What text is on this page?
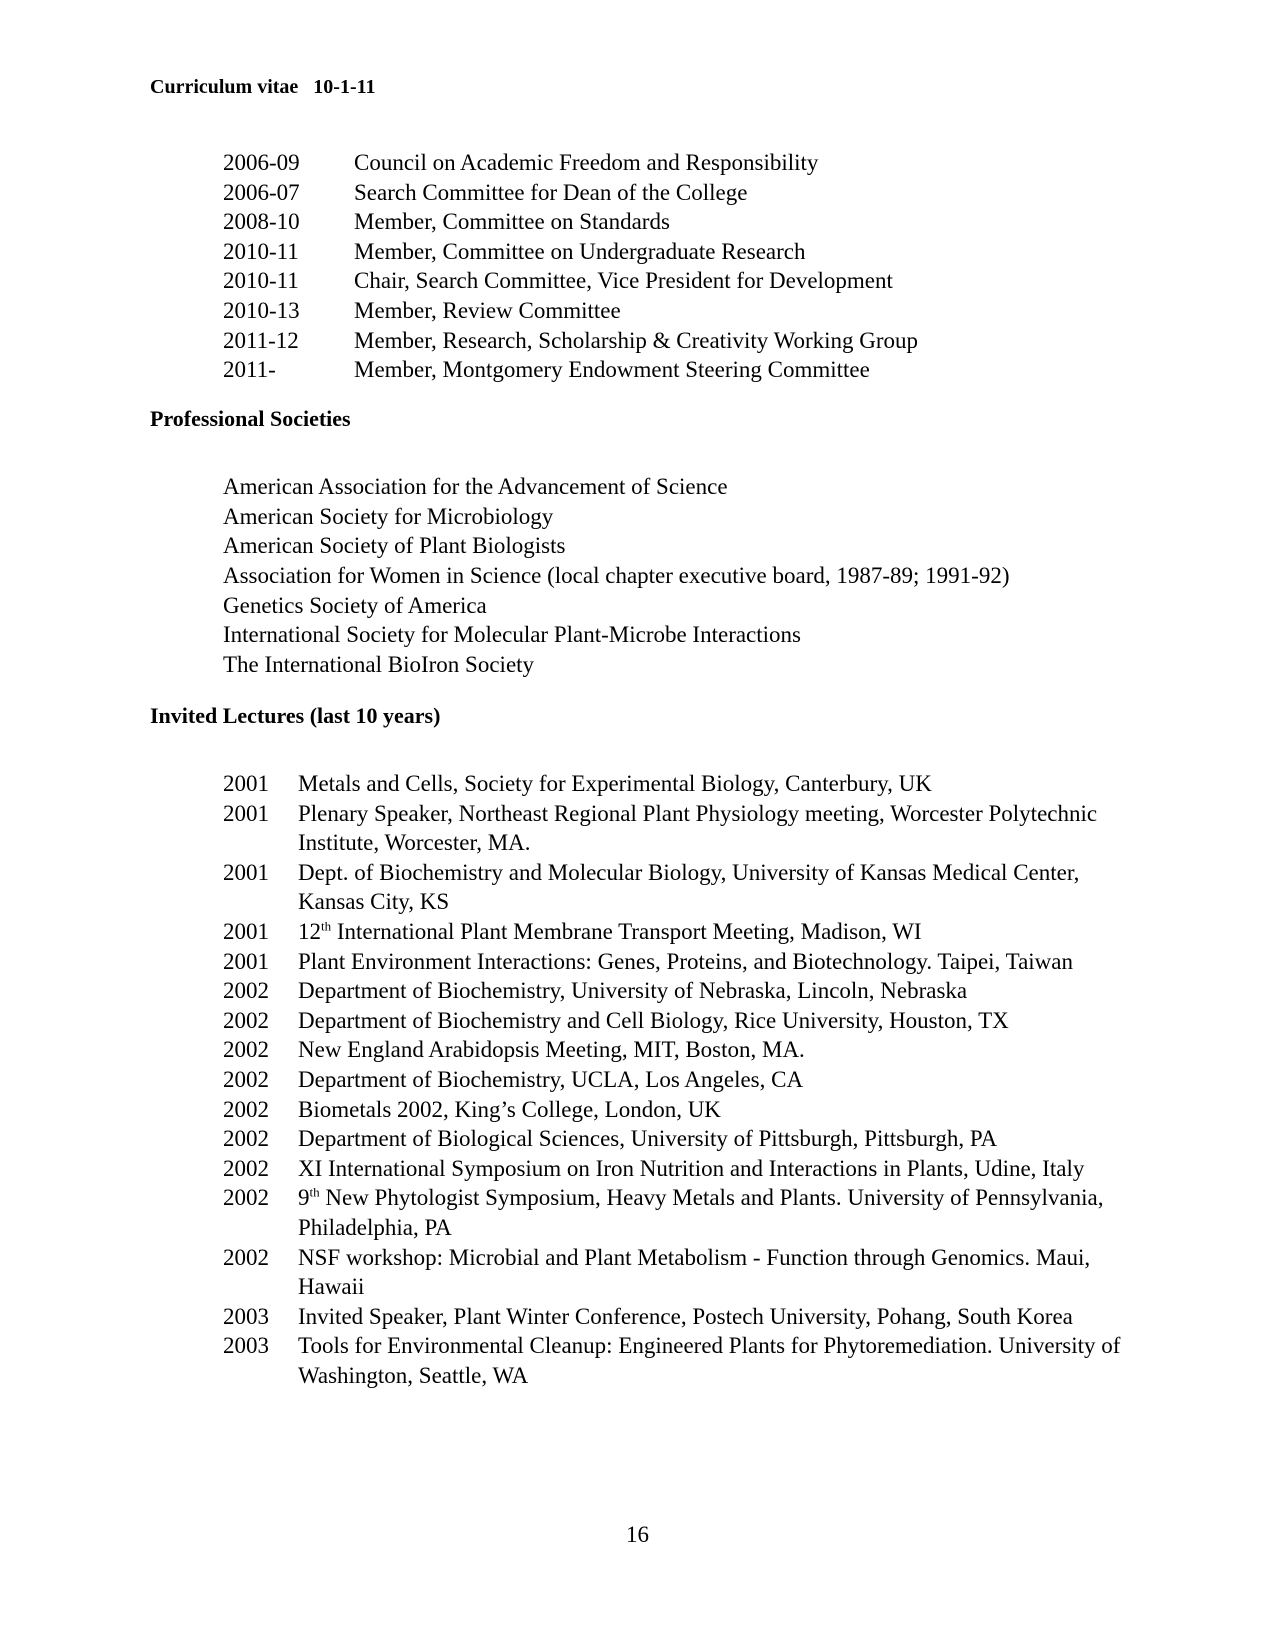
Curriculum vitae   10-1-11
2006-09 Council on Academic Freedom and Responsibility
2006-07 Search Committee for Dean of the College
2008-10 Member, Committee on Standards
2010-11 Member, Committee on Undergraduate Research
2010-11 Chair, Search Committee, Vice President for Development
2010-13 Member, Review Committee
2011-12 Member, Research, Scholarship & Creativity Working Group
2011-	Member, Montgomery Endowment Steering Committee
Professional Societies
American Association for the Advancement of Science
American Society for Microbiology
American Society of Plant Biologists
Association for Women in Science (local chapter executive board, 1987-89; 1991-92)
Genetics Society of America
International Society for Molecular Plant-Microbe Interactions
The International BioIron Society
Invited Lectures (last 10 years)
2001	Metals and Cells, Society for Experimental Biology, Canterbury, UK
2001	Plenary Speaker, Northeast Regional Plant Physiology meeting, Worcester Polytechnic Institute, Worcester, MA.
2001	Dept. of Biochemistry and Molecular Biology, University of Kansas Medical Center, Kansas City, KS
2001	12th International Plant Membrane Transport Meeting, Madison, WI
2001	Plant Environment Interactions: Genes, Proteins, and Biotechnology. Taipei, Taiwan
2002	Department of Biochemistry, University of Nebraska, Lincoln, Nebraska
2002	Department of Biochemistry and Cell Biology, Rice University, Houston, TX
2002	New England Arabidopsis Meeting, MIT, Boston, MA.
2002	Department of Biochemistry, UCLA, Los Angeles, CA
2002	Biometals 2002, King’s College, London, UK
2002	Department of Biological Sciences, University of Pittsburgh, Pittsburgh, PA
2002	XI International Symposium on Iron Nutrition and Interactions in Plants, Udine, Italy
2002	9th New Phytologist Symposium, Heavy Metals and Plants. University of Pennsylvania, Philadelphia, PA
2002	NSF workshop: Microbial and Plant Metabolism - Function through Genomics. Maui, Hawaii
2003	Invited Speaker, Plant Winter Conference, Postech University, Pohang, South Korea
2003	Tools for Environmental Cleanup: Engineered Plants for Phytoremediation. University of Washington, Seattle, WA
16
